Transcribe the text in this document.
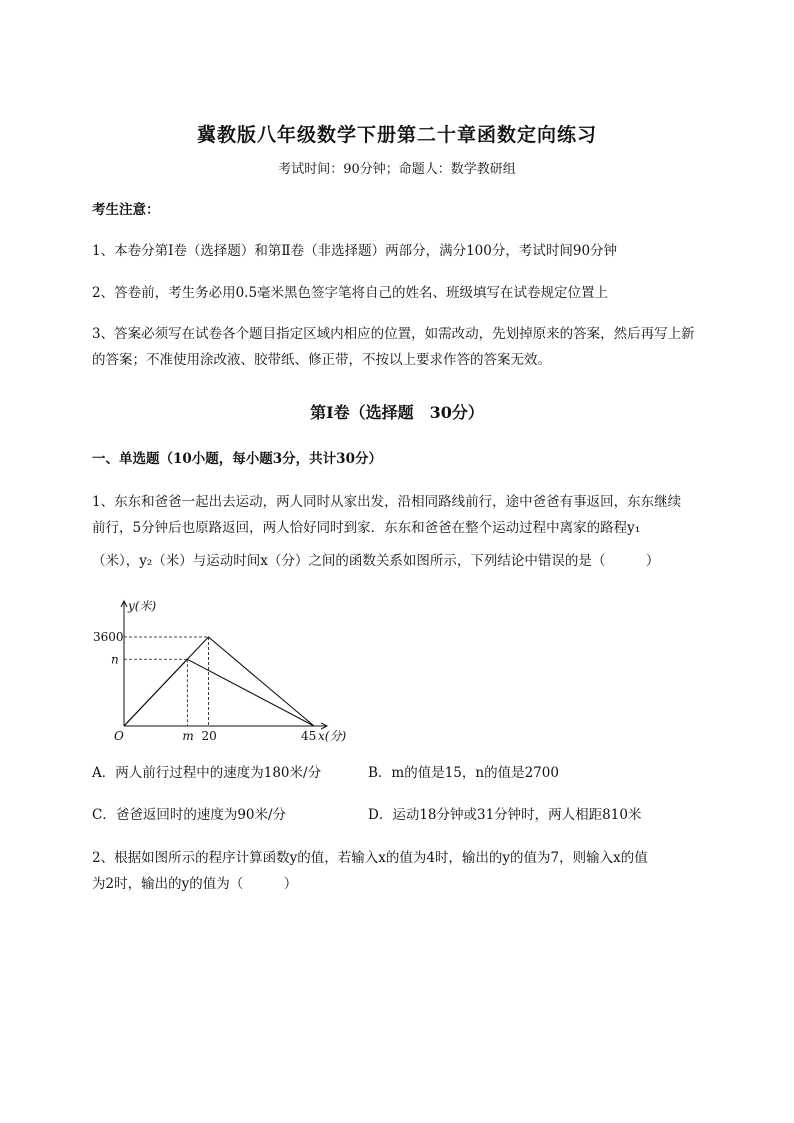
冀教版八年级数学下册第二十章函数定向练习
考试时间：90分钟；命题人：数学教研组
考生注意：
1、本卷分第Ⅰ卷（选择题）和第Ⅱ卷（非选择题）两部分，满分100分，考试时间90分钟
2、答卷前，考生务必用0.5毫米黑色签字笔将自己的姓名、班级填写在试卷规定位置上
3、答案必须写在试卷各个题目指定区域内相应的位置，如需改动，先划掉原来的答案，然后再写上新
的答案；不准使用涂改液、胶带纸、修正带，不按以上要求作答的答案无效。
第Ⅰ卷（选择题　30分）
一、单选题（10小题，每小题3分，共计30分）
1、东东和爸爸一起出去运动，两人同时从家出发，沿相同路线前行，途中爸爸有事返回，东东继续
前行，5分钟后也原路返回，两人恰好同时到家．东东和爸爸在整个运动过程中离家的路程y₁
（米），y₂（米）与运动时间x（分）之间的函数关系如图所示，下列结论中错误的是（　　　）
y(米)
3600
n
O	m 20	45 x(分)
A．两人前行过程中的速度为180米/分	B．m的值是15，n的值是2700
C．爸爸返回时的速度为90米/分	D．运动18分钟或31分钟时，两人相距810米
2、根据如图所示的程序计算函数y的值，若输入x的值为4时，输出的y的值为7，则输入x的值
为2时，输出的y的值为（　　　）
